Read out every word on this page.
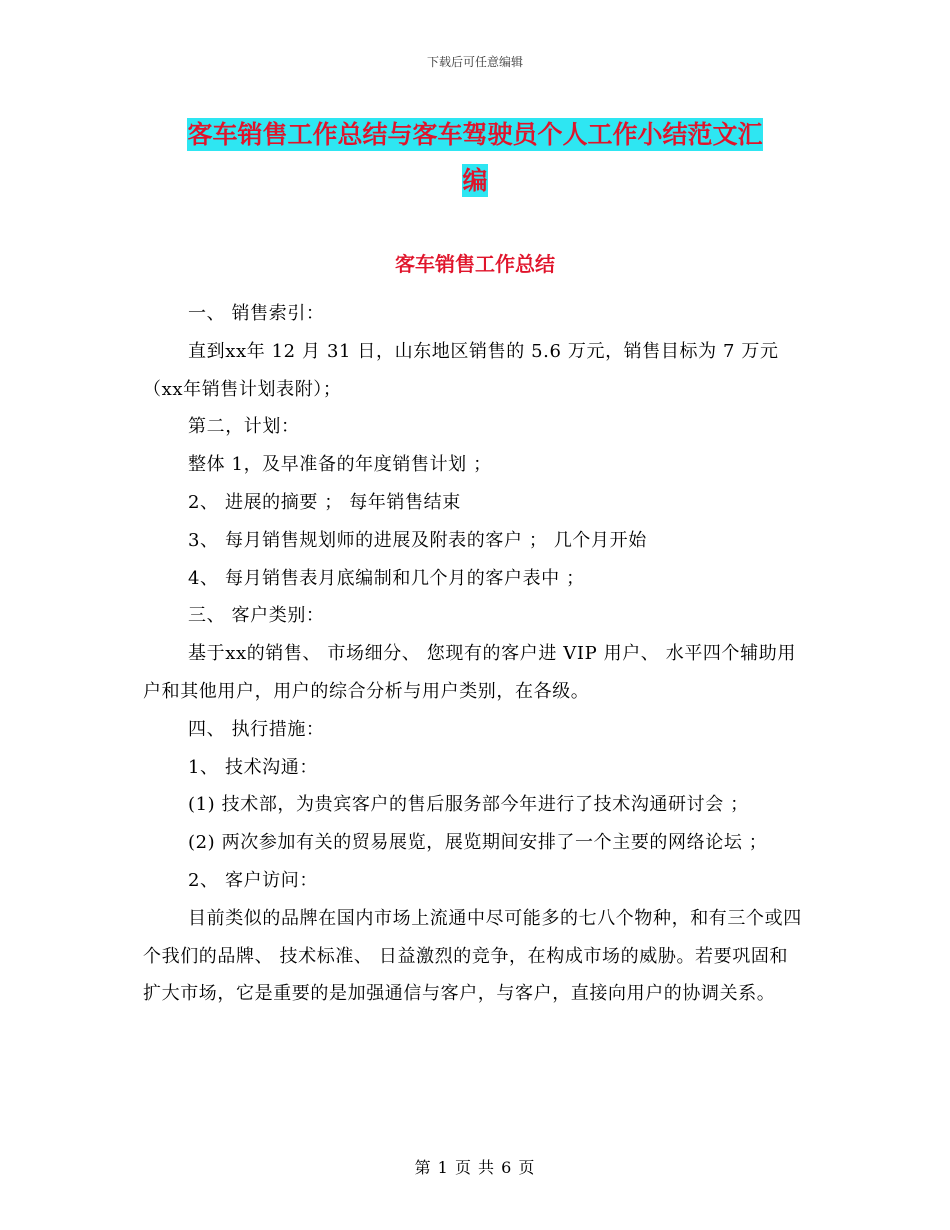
下载后可任意编辑
客车销售工作总结与客车驾驶员个人工作小结范文汇
编
客车销售工作总结

一、 销售索引：

直到xx年 12 月 31 日，山东地区销售的 5.6 万元，销售目标为 7 万元（xx年销售计划表附）；

第二，计划：

整体 1，及早准备的年度销售计划 ；

2、 进展的摘要 ； 每年销售结束

3、 每月销售规划师的进展及附表的客户 ； 几个月开始

4、 每月销售表月底编制和几个月的客户表中 ；

三、 客户类别：

基于xx的销售、 市场细分、 您现有的客户进 VIP 用户、 水平四个辅助用户和其他用户，用户的综合分析与用户类别，在各级。

四、 执行措施：

1、 技术沟通：

(1) 技术部，为贵宾客户的售后服务部今年进行了技术沟通研讨会 ；

(2) 两次参加有关的贸易展览，展览期间安排了一个主要的网络论坛 ；

2、 客户访问：

目前类似的品牌在国内市场上流通中尽可能多的七八个物种，和有三个或四个我们的品牌、 技术标准、 日益激烈的竞争，在构成市场的威胁。若要巩固和扩大市场，它是重要的是加强通信与客户，与客户，直接向用户的协调关系。

第 1 页 共 6 页
